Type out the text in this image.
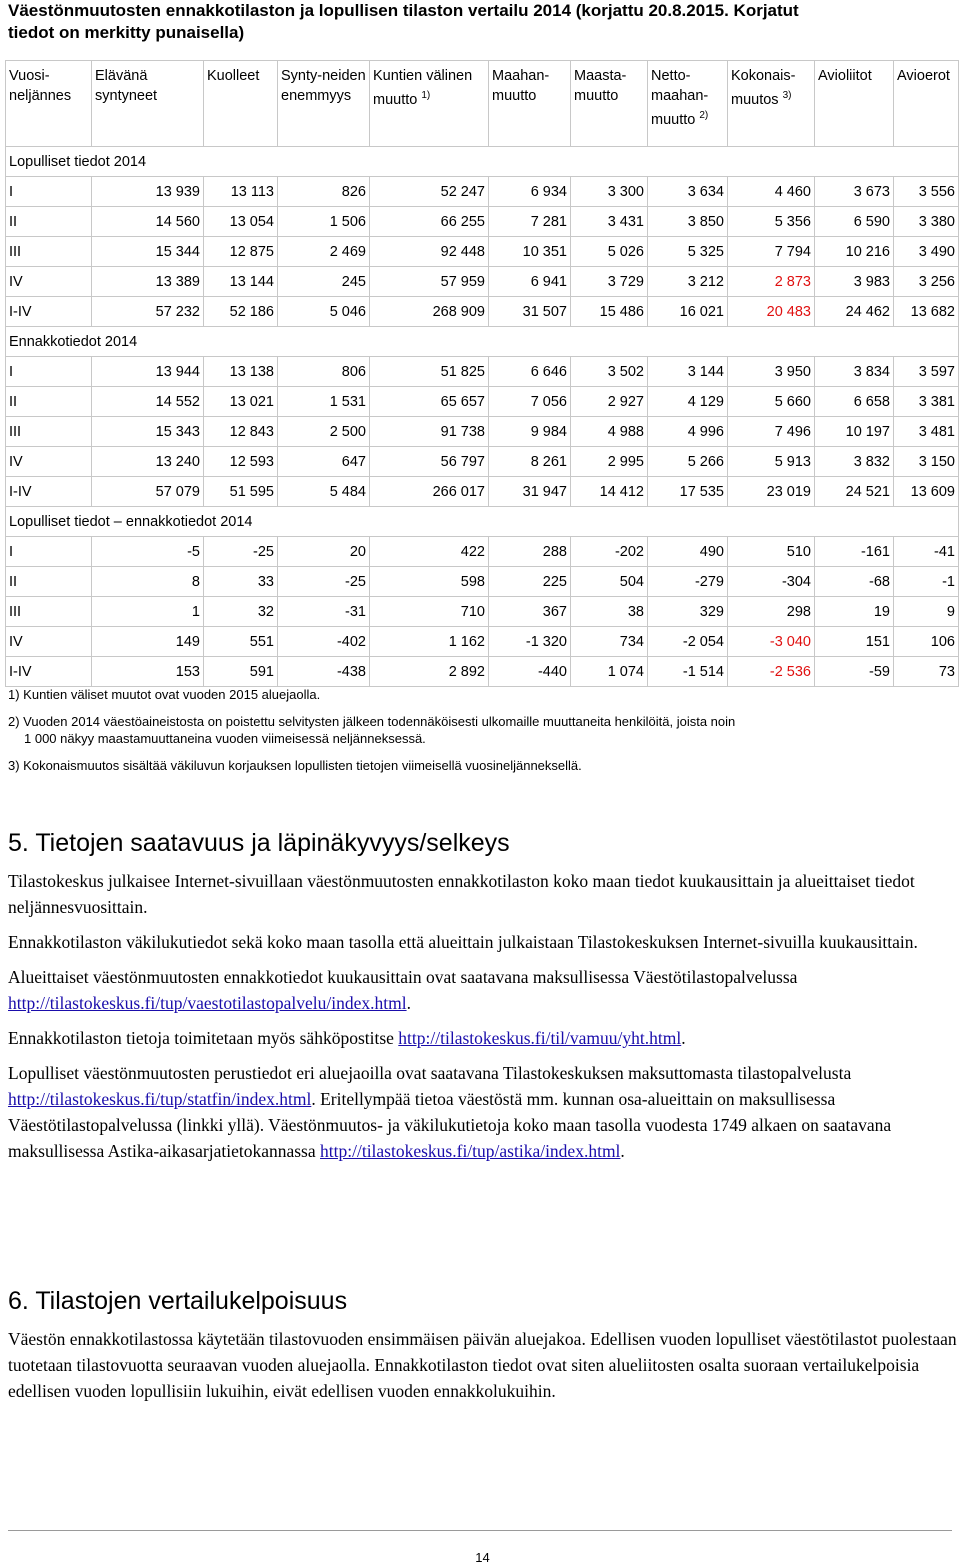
Väestönmuutosten ennakkotilaston ja lopullisen tilaston vertailu 2014 (korjattu 20.8.2015. Korjatut
tiedot on merkitty punaisella)
Vuosi-neljännes	Elävänä syntyneet	Kuolleet	Synty-neiden enemmyys	Kuntien välinen muutto $^{1)}$	Maahan-muutto	Maasta-muutto	Netto-maahan-muutto $^{2)}$	Kokonais-muutos $^{3)}$	Avioliitot	Avioerot
Lopulliset tiedot 2014										
I	13 939	13 113	826	52 247	6 934	3 300	3 634	4 460	3 673	3 556
II	14 560	13 054	1 506	66 255	7 281	3 431	3 850	5 356	6 590	3 380
III	15 344	12 875	2 469	92 448	10 351	5 026	5 325	7 794	10 216	3 490
IV	13 389	13 144	245	57 959	6 941	3 729	3 212	2 873	3 983	3 256
I-IV	57 232	52 186	5 046	268 909	31 507	15 486	16 021	20 483	24 462	13 682
Ennakkotiedot 2014										
I	13 944	13 138	806	51 825	6 646	3 502	3 144	3 950	3 834	3 597
II	14 552	13 021	1 531	65 657	7 056	2 927	4 129	5 660	6 658	3 381
III	15 343	12 843	2 500	91 738	9 984	4 988	4 996	7 496	10 197	3 481
IV	13 240	12 593	647	56 797	8 261	2 995	5 266	5 913	3 832	3 150
I-IV	57 079	51 595	5 484	266 017	31 947	14 412	17 535	23 019	24 521	13 609
Lopulliset tiedot – ennakkotiedot 2014										
I	-5	-25	20	422	288	-202	490	510	-161	-41
II	8	33	-25	598	225	504	-279	-304	-68	-1
III	1	32	-31	710	367	38	329	298	19	9
IV	149	551	-402	1 162	-1 320	734	-2 054	-3 040	151	106
I-IV	153	591	-438	2 892	-440	1 074	-1 514	-2 536	-59	73
1) Kuntien väliset muutot ovat vuoden 2015 aluejaolla.
2) Vuoden 2014 väestöaineistosta on poistettu selvitysten jälkeen todennäköisesti ulkomaille muuttaneita henkilöitä, joista noin
1 000 näkyy maastamuuttaneina vuoden viimeisessä neljänneksessä.
3) Kokonaismuutos sisältää väkiluvun korjauksen lopullisten tietojen viimeisellä vuosineljänneksellä.
5. Tietojen saatavuus ja läpinäkyvyys/selkeys

Tilastokeskus julkaisee Internet-sivuillaan väestönmuutosten ennakkotilaston koko maan tiedot kuukausittain ja alueittaiset tiedot neljännesvuosittain.

Ennakkotilaston väkilukutiedot sekä koko maan tasolla että alueittain julkaistaan Tilastokeskuksen Internet-sivuilla kuukausittain.

Alueittaiset väestönmuutosten ennakkotiedot kuukausittain ovat saatavana maksullisessa Väestötilastopalvelussa http://tilastokeskus.fi/tup/vaestotilastopalvelu/index.html.

Ennakkotilaston tietoja toimitetaan myös sähköpostitse http://tilastokeskus.fi/til/vamuu/yht.html.

Lopulliset väestönmuutosten perustiedot eri aluejaoilla ovat saatavana Tilastokeskuksen maksuttomasta tilastopalvelusta http://tilastokeskus.fi/tup/statfin/index.html. Eritellympää tietoa väestöstä mm. kunnan osa-alueittain on maksullisessa Väestötilastopalvelussa (linkki yllä). Väestönmuutos- ja väkilukutietoja koko maan tasolla vuodesta 1749 alkaen on saatavana maksullisessa Astika-aikasarjatietokannassa http://tilastokeskus.fi/tup/astika/index.html.

6. Tilastojen vertailukelpoisuus

Väestön ennakkotilastossa käytetään tilastovuoden ensimmäisen päivän aluejakoa. Edellisen vuoden lopulliset väestötilastot puolestaan tuotetaan tilastovuotta seuraavan vuoden aluejaolla. Ennakkotilaston tiedot ovat siten alueliitosten osalta suoraan vertailukelpoisia edellisen vuoden lopullisiin lukuihin, eivät edellisen vuoden ennakkolukuihin.

14
